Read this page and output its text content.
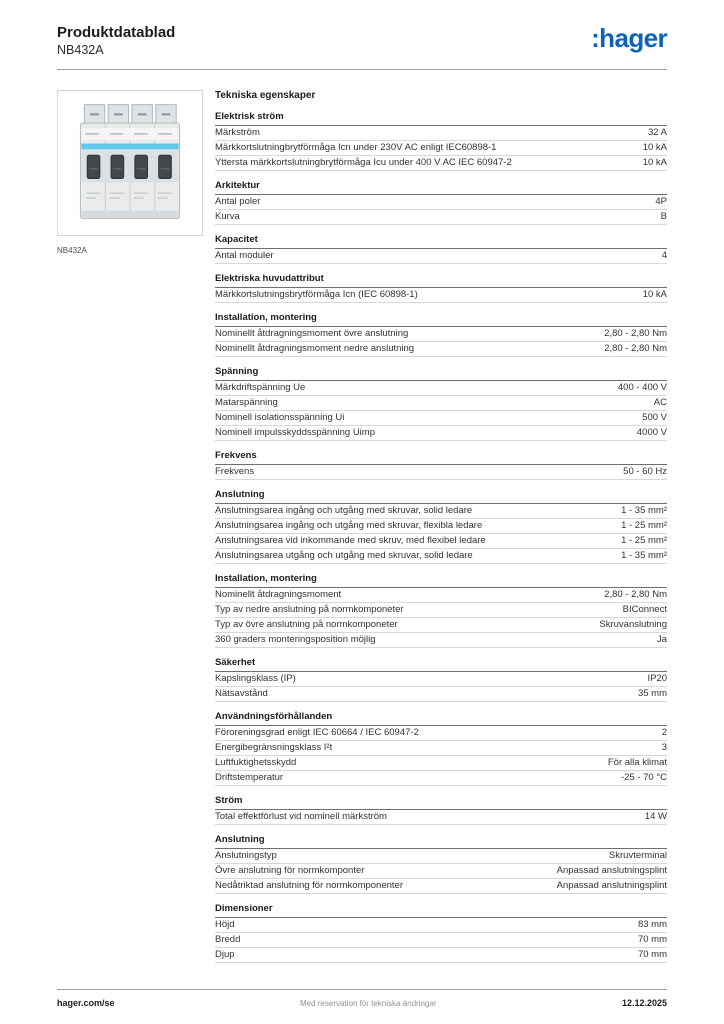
Produktdatablad
NB432A	:hager
NB432A
Tekniska egenskaper
Elektrisk ström
Märkström	32 A
Märkkortslutningbrytförmåga Icn under 230V AC enligt IEC60898-1	10 kA
Yttersta märkkortslutningbrytförmåga Icu under 400 V AC IEC 60947-2	10 kA
Arkitektur
Antal poler	4P
Kurva	B
Kapacitet
Antal moduler	4
Elektriska huvudattribut
Märkkortslutningsbrytförmåga Icn (IEC 60898-1)	10 kA
Installation, montering
Nominellt åtdragningsmoment övre anslutning	2,80 - 2,80 Nm
Nominellt åtdragningsmoment nedre anslutning	2,80 - 2,80 Nm
Spänning
Märkdriftspänning Ue	400 - 400 V
Matarspänning	AC
Nominell isolationsspänning Ui	500 V
Nominell impulsskyddsspänning Uimp	4000 V
Frekvens
Frekvens	50 - 60 Hz
Anslutning
Anslutningsarea ingång och utgång med skruvar, solid ledare	1 - 35 mm²
Anslutningsarea ingång och utgång med skruvar, flexibla ledare	1 - 25 mm²
Anslutningsarea vid inkommande med skruv, med flexibel ledare	1 - 25 mm²
Anslutningsarea utgång och utgång med skruvar, solid ledare	1 - 35 mm²
Installation, montering
Nominellt åtdragningsmoment	2,80 - 2,80 Nm
Typ av nedre anslutning på normkomponeter	BIConnect
Typ av övre anslutning på normkomponeter	Skruvanslutning
360 graders monteringsposition möjlig	Ja
Säkerhet
Kapslingsklass (IP)	IP20
Nätsavstånd	35 mm
Användningsförhållanden
Föroreningsgrad enligt IEC 60664 / IEC 60947-2	2
Energibegränsningsklass I²t	3
Luftfuktighetsskydd	För alla klimat
Driftstemperatur	-25 - 70 °C
Ström
Total effektförlust vid nominell märkström	14 W
Anslutning
Anslutningstyp	Skruvterminal
Övre anslutning för normkomponter	Anpassad anslutningsplint
Nedåtriktad anslutning för normkomponenter	Anpassad anslutningsplint
Dimensioner
Höjd	83 mm
Bredd	70 mm
Djup	70 mm
hager.com/se	Med reservation för tekniska ändringar	12.12.2025
